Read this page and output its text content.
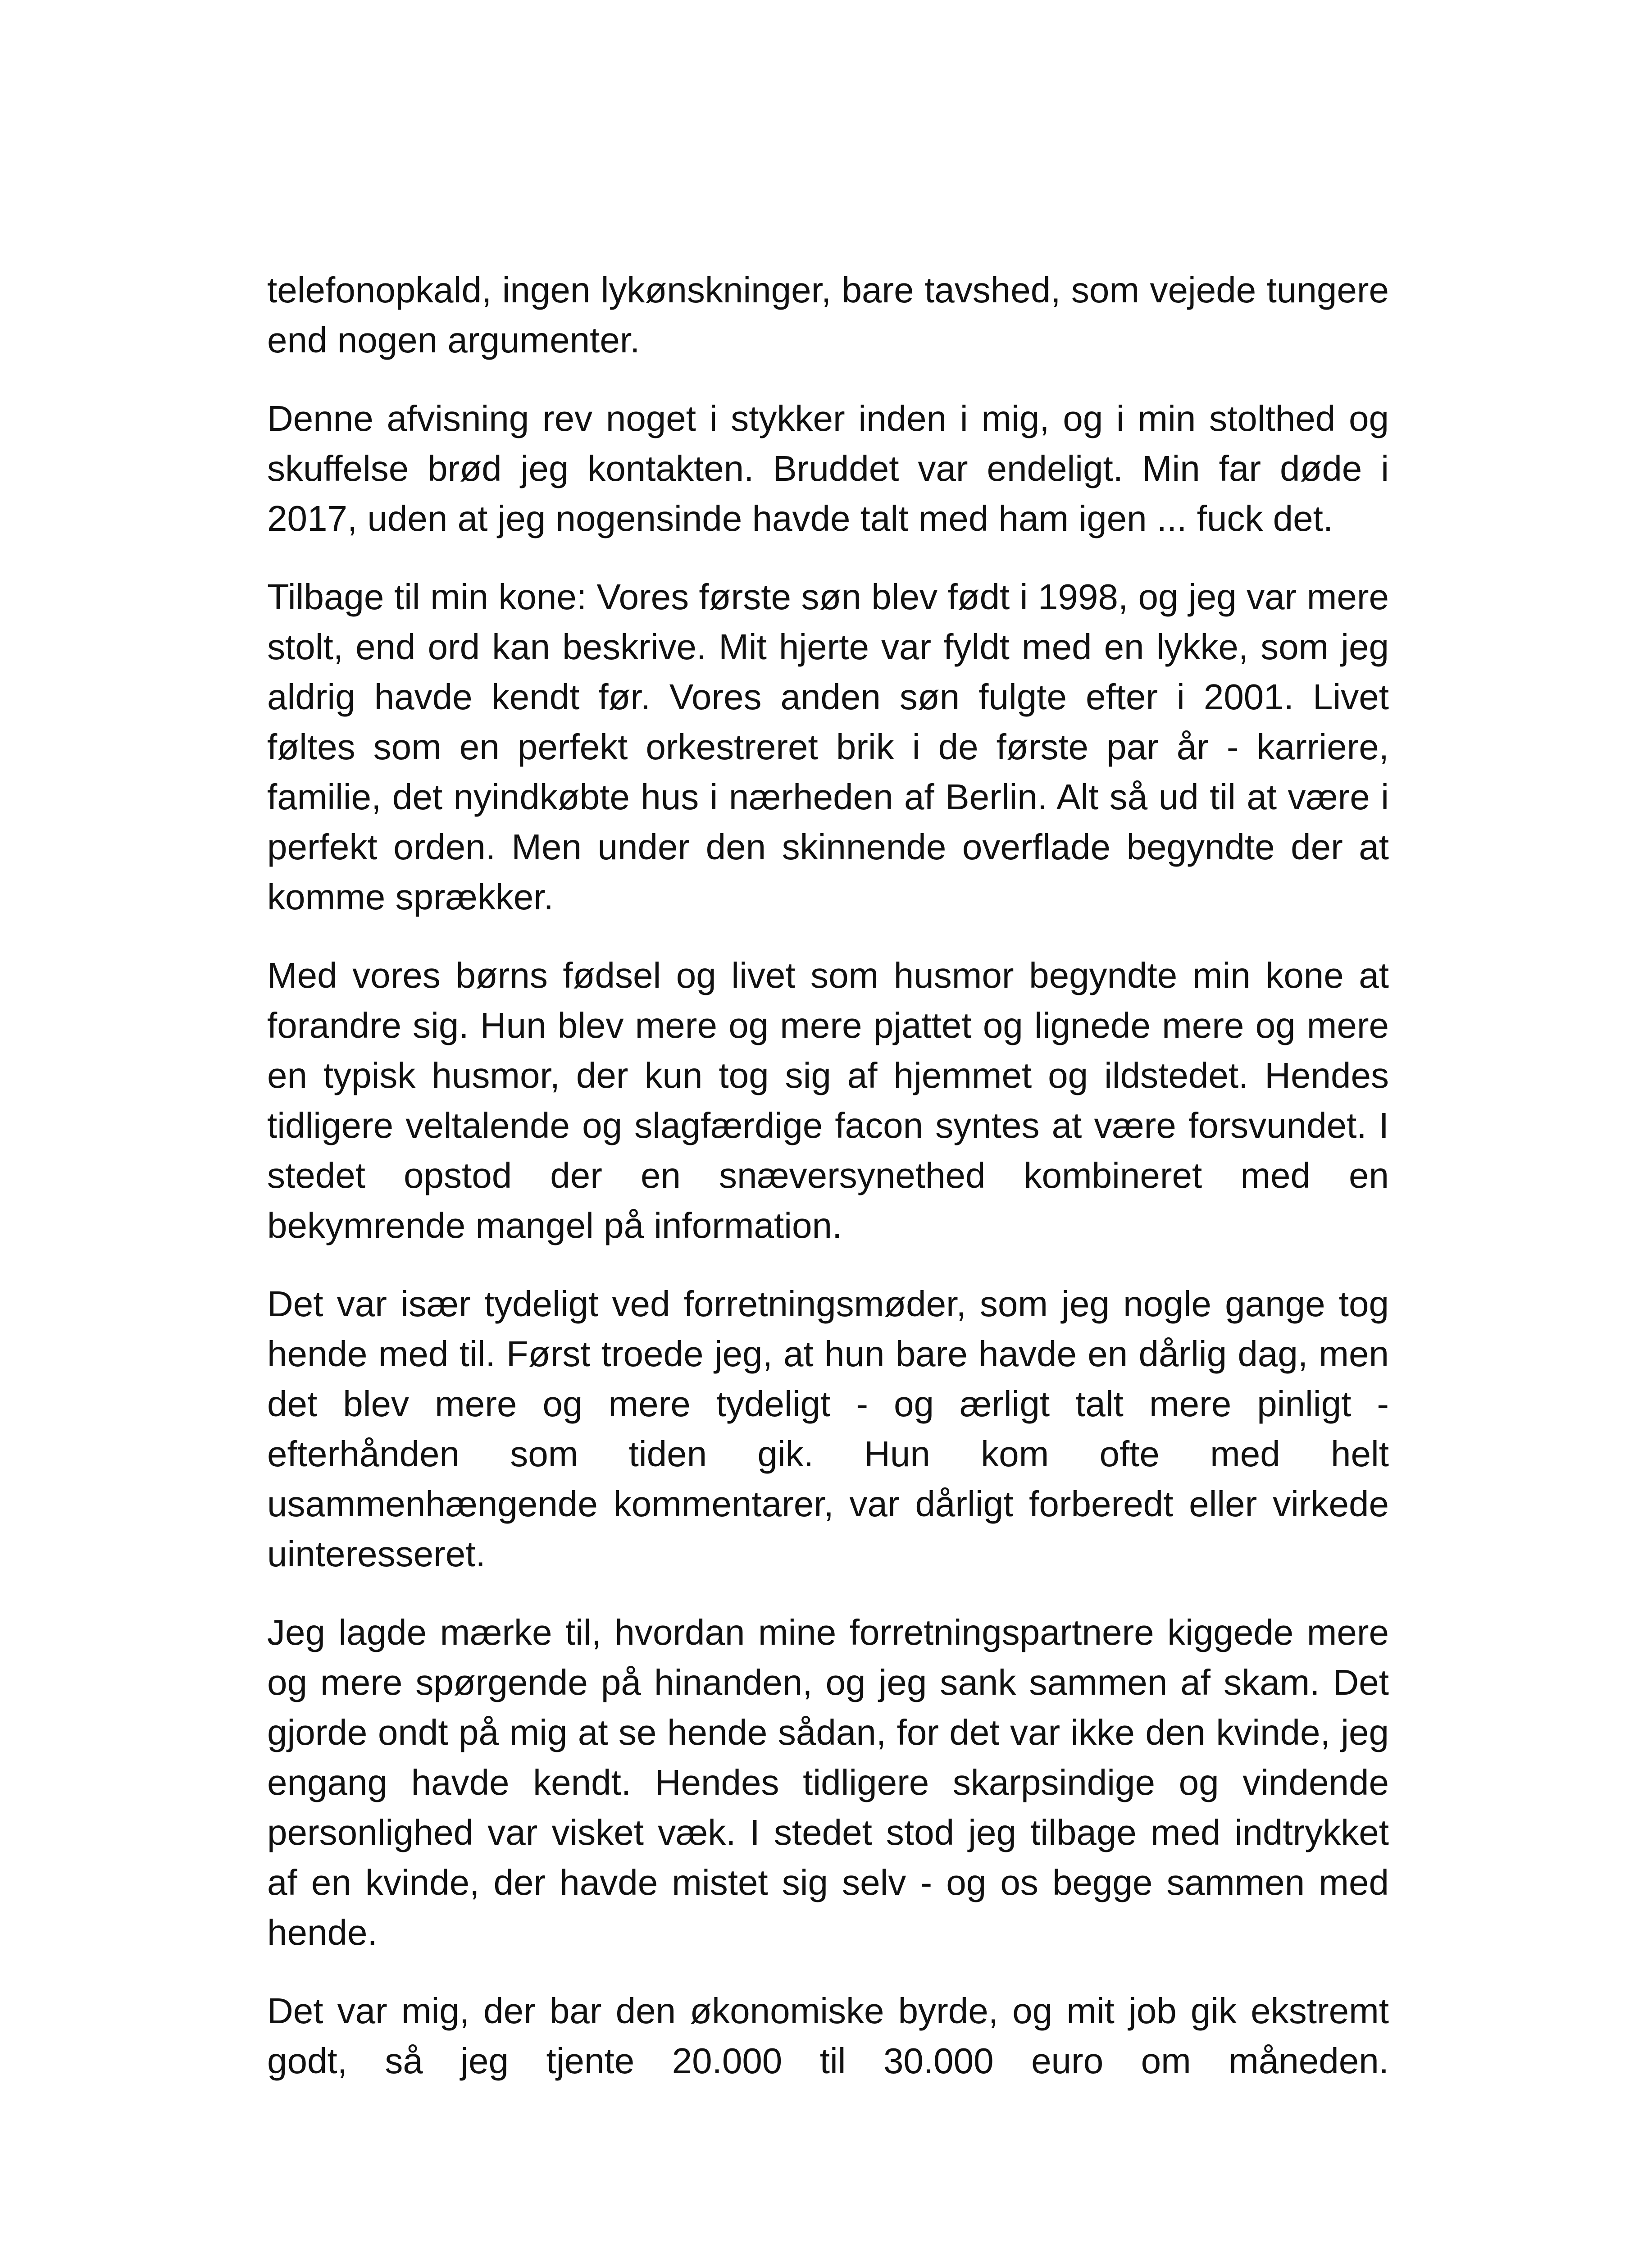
telefonopkald, ingen lykønskninger, bare tavshed, som vejede tungere end nogen argumenter.

Denne afvisning rev noget i stykker inden i mig, og i min stolthed og skuffelse brød jeg kontakten. Bruddet var endeligt. Min far døde i 2017, uden at jeg nogensinde havde talt med ham igen ... fuck det.

Tilbage til min kone: Vores første søn blev født i 1998, og jeg var mere stolt, end ord kan beskrive. Mit hjerte var fyldt med en lykke, som jeg aldrig havde kendt før. Vores anden søn fulgte efter i 2001. Livet føltes som en perfekt orkestreret brik i de første par år - karriere, familie, det nyindkøbte hus i nærheden af Berlin. Alt så ud til at være i perfekt orden. Men under den skinnende overflade begyndte der at komme sprækker.

Med vores børns fødsel og livet som husmor begyndte min kone at forandre sig. Hun blev mere og mere pjattet og lignede mere og mere en typisk husmor, der kun tog sig af hjemmet og ildstedet. Hendes tidligere veltalende og slagfærdige facon syntes at være forsvundet. I stedet opstod der en snæversynethed kombineret med en bekymrende mangel på information.

Det var især tydeligt ved forretningsmøder, som jeg nogle gange tog hende med til. Først troede jeg, at hun bare havde en dårlig dag, men det blev mere og mere tydeligt - og ærligt talt mere pinligt - efterhånden som tiden gik. Hun kom ofte med helt usammenhængende kommentarer, var dårligt forberedt eller virkede uinteresseret.

Jeg lagde mærke til, hvordan mine forretningspartnere kiggede mere og mere spørgende på hinanden, og jeg sank sammen af skam. Det gjorde ondt på mig at se hende sådan, for det var ikke den kvinde, jeg engang havde kendt. Hendes tidligere skarpsindige og vindende personlighed var visket væk. I stedet stod jeg tilbage med indtrykket af en kvinde, der havde mistet sig selv - og os begge sammen med hende.

Det var mig, der bar den økonomiske byrde, og mit job gik ekstremt godt, så jeg tjente 20.000 til 30.000 euro om måneden.
